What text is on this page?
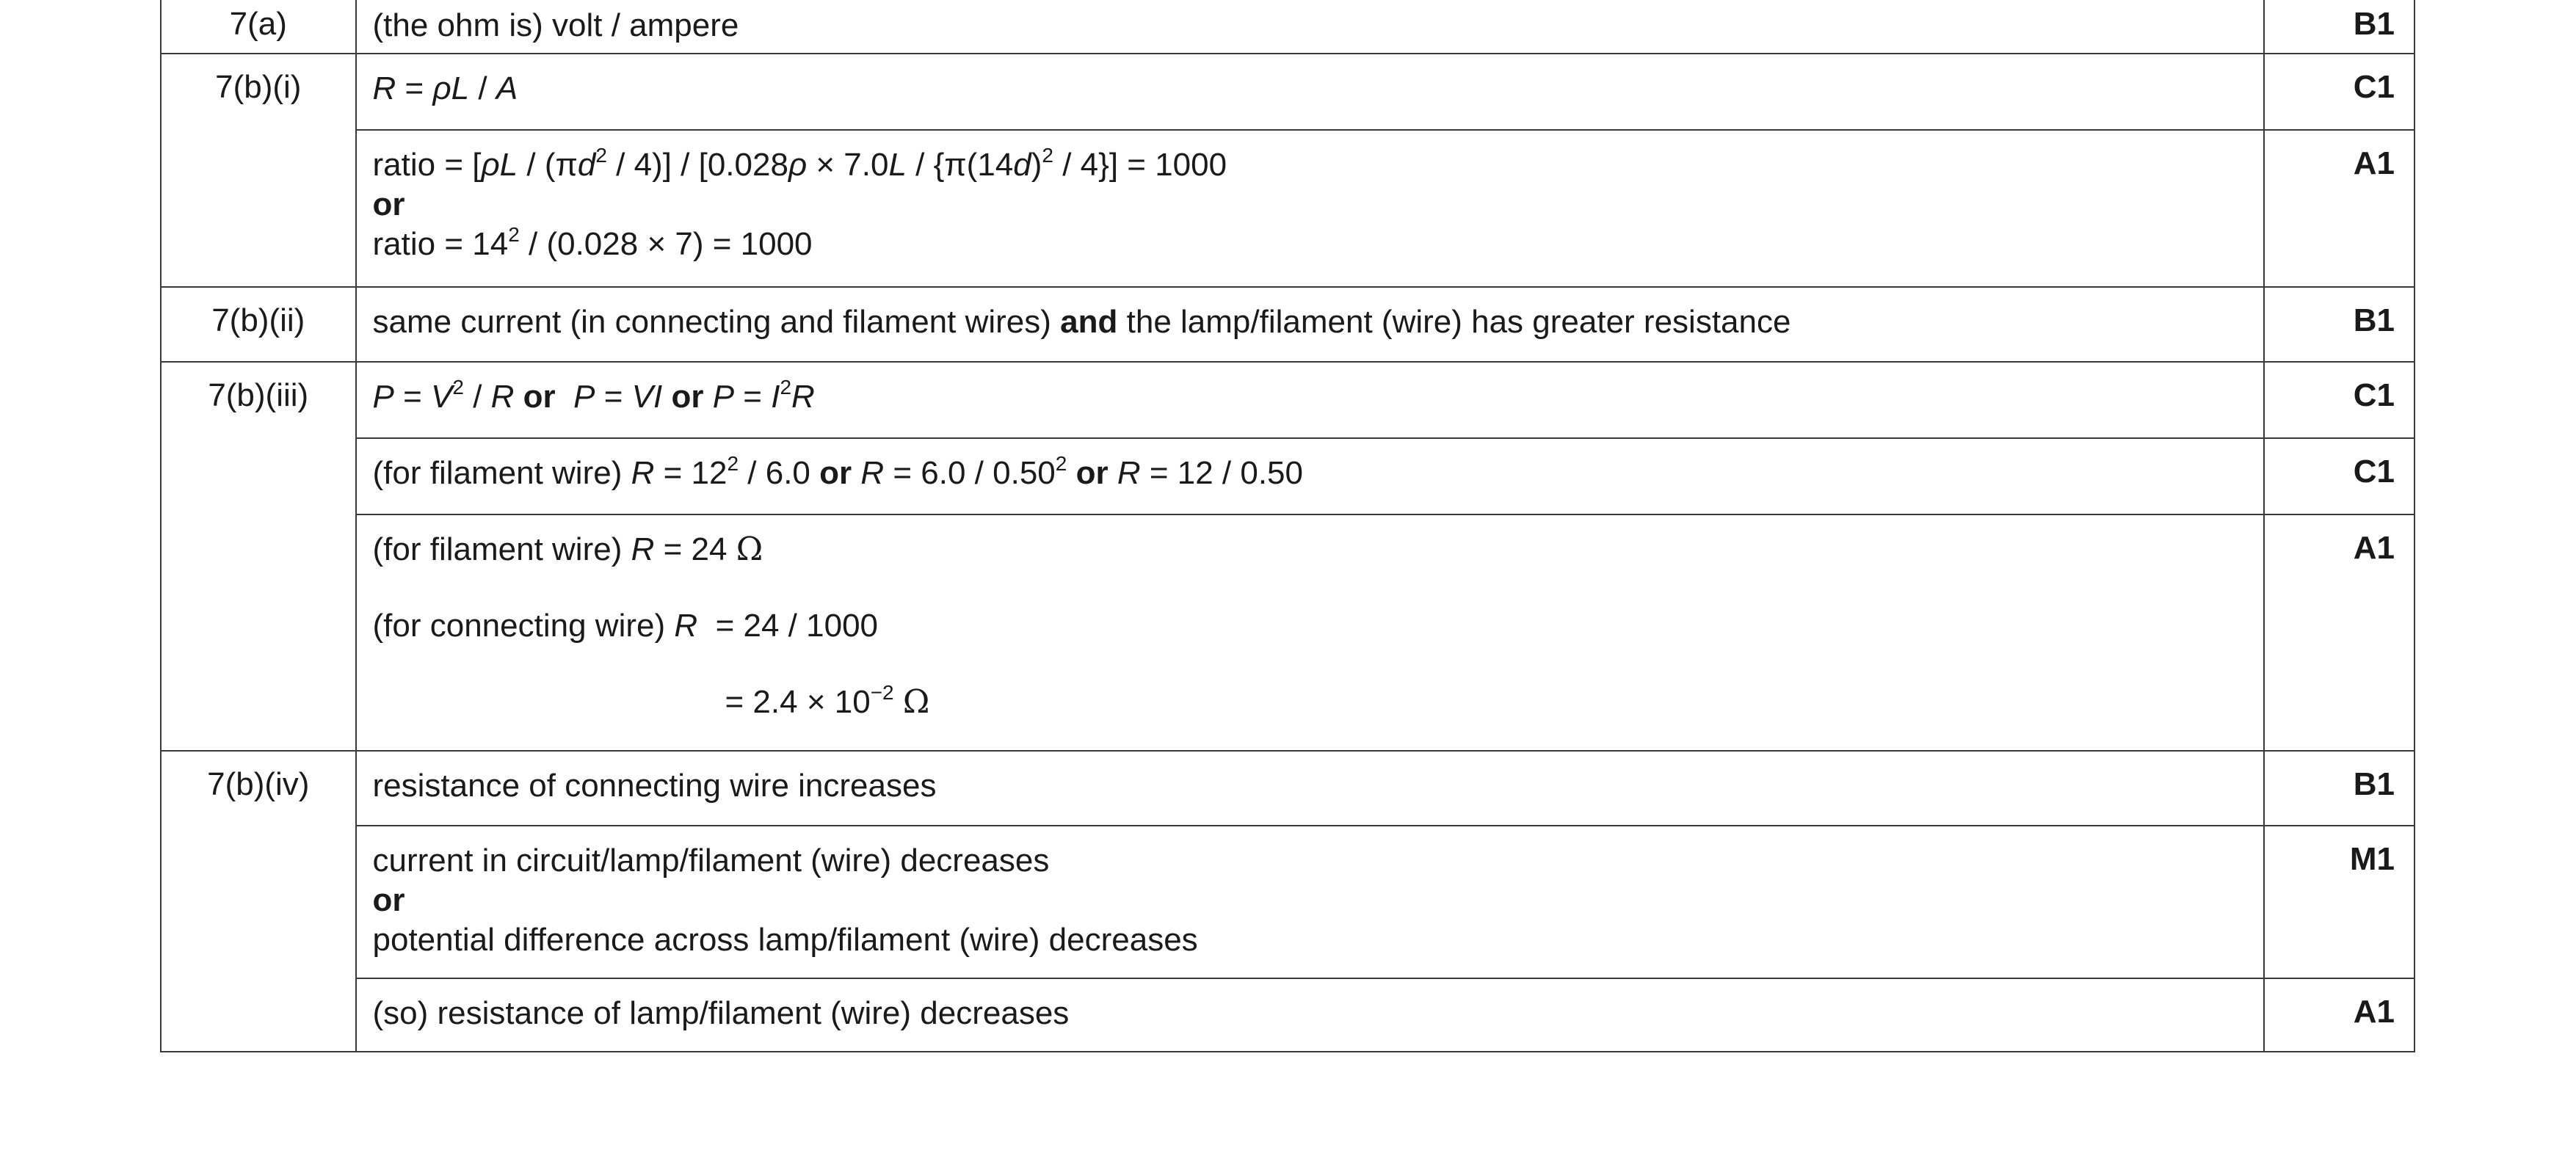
7(a)	(the ohm is) volt / ampere	B1
7(b)(i)	R = ρL / A	C1

	ratio = $[\rho L / (\pi d^2 / 4)] / [0.028\rho \times 7.0L / \{\pi(14d)^2 / 4\}] = 1000$
or
ratio = $14^2 / (0.028 \times 7) = 1000$	A1
7(b)(ii)	same current (in connecting and filament wires) and the lamp/filament (wire) has greater resistance	B1
7(b)(iii)	$P = V^2 / R$ or P = VI or $P = I^2R$	C1

	(for filament wire) $R = 12^2 / 6.0$ or R = 6.0 / 0.50$^2$ or R = 12 / 0.50	C1

	(for filament wire) R = 24 Ω
(for connecting wire) R  = 24 / 1000
= $2.4 \times 10^{-2}$ Ω	A1
7(b)(iv)	resistance of connecting wire increases	B1

	current in circuit/lamp/filament (wire) decreases
or
potential difference across lamp/filament (wire) decreases	M1
	(so) resistance of lamp/filament (wire) decreases	A1
